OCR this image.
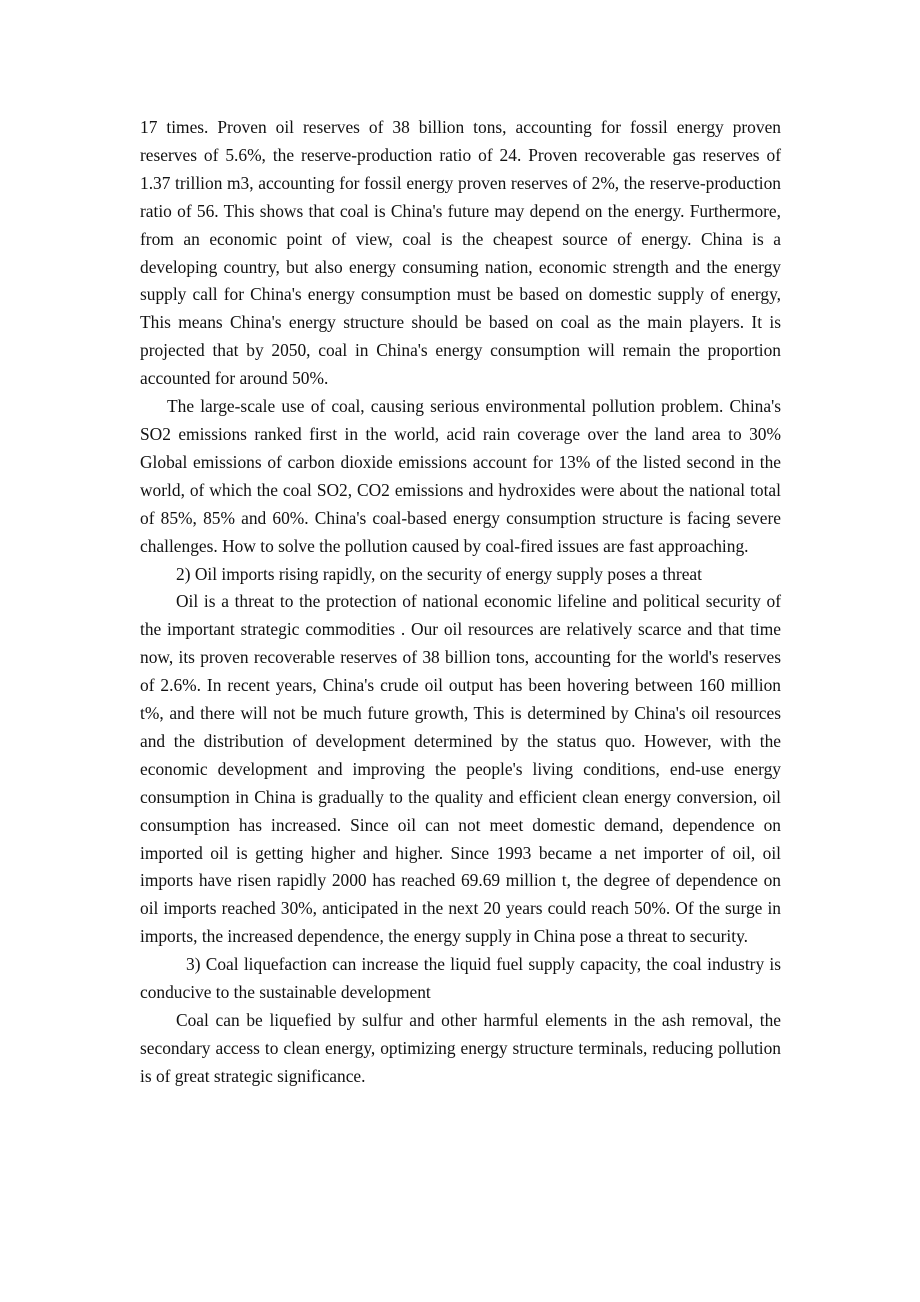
17 times. Proven oil reserves of 38 billion tons, accounting for fossil energy proven reserves of 5.6%, the reserve-production ratio of 24. Proven recoverable gas reserves of 1.37 trillion m3, accounting for fossil energy proven reserves of 2%, the reserve-production ratio of 56. This shows that coal is China's future may depend on the energy. Furthermore, from an economic point of view, coal is the cheapest source of energy. China is a developing country, but also energy consuming nation, economic strength and the energy supply call for China's energy consumption must be based on domestic supply of energy, This means China's energy structure should be based on coal as the main players. It is projected that by 2050, coal in China's energy consumption will remain the proportion accounted for around 50%.

The large-scale use of coal, causing serious environmental pollution problem. China's SO2 emissions ranked first in the world, acid rain coverage over the land area to 30% Global emissions of carbon dioxide emissions account for 13% of the listed second in the world, of which the coal SO2, CO2 emissions and hydroxides were about the national total of 85%, 85% and 60%. China's coal-based energy consumption structure is facing severe challenges. How to solve the pollution caused by coal-fired issues are fast approaching.

2) Oil imports rising rapidly, on the security of energy supply poses a threat

Oil is a threat to the protection of national economic lifeline and political security of the important strategic commodities . Our oil resources are relatively scarce and that time now, its proven recoverable reserves of 38 billion tons, accounting for the world's reserves of 2.6%. In recent years, China's crude oil output has been hovering between 160 million t%, and there will not be much future growth, This is determined by China's oil resources and the distribution of development determined by the status quo. However, with the economic development and improving the people's living conditions, end-use energy consumption in China is gradually to the quality and efficient clean energy conversion, oil consumption has increased. Since oil can not meet domestic demand, dependence on imported oil is getting higher and higher. Since 1993 became a net importer of oil, oil imports have risen rapidly 2000 has reached 69.69 million t, the degree of dependence on oil imports reached 30%, anticipated in the next 20 years could reach 50%. Of the surge in imports, the increased dependence, the energy supply in China pose a threat to security.

3) Coal liquefaction can increase the liquid fuel supply capacity, the coal industry is conducive to the sustainable development

Coal can be liquefied by sulfur and other harmful elements in the ash removal, the secondary access to clean energy, optimizing energy structure terminals, reducing pollution is of great strategic significance.
